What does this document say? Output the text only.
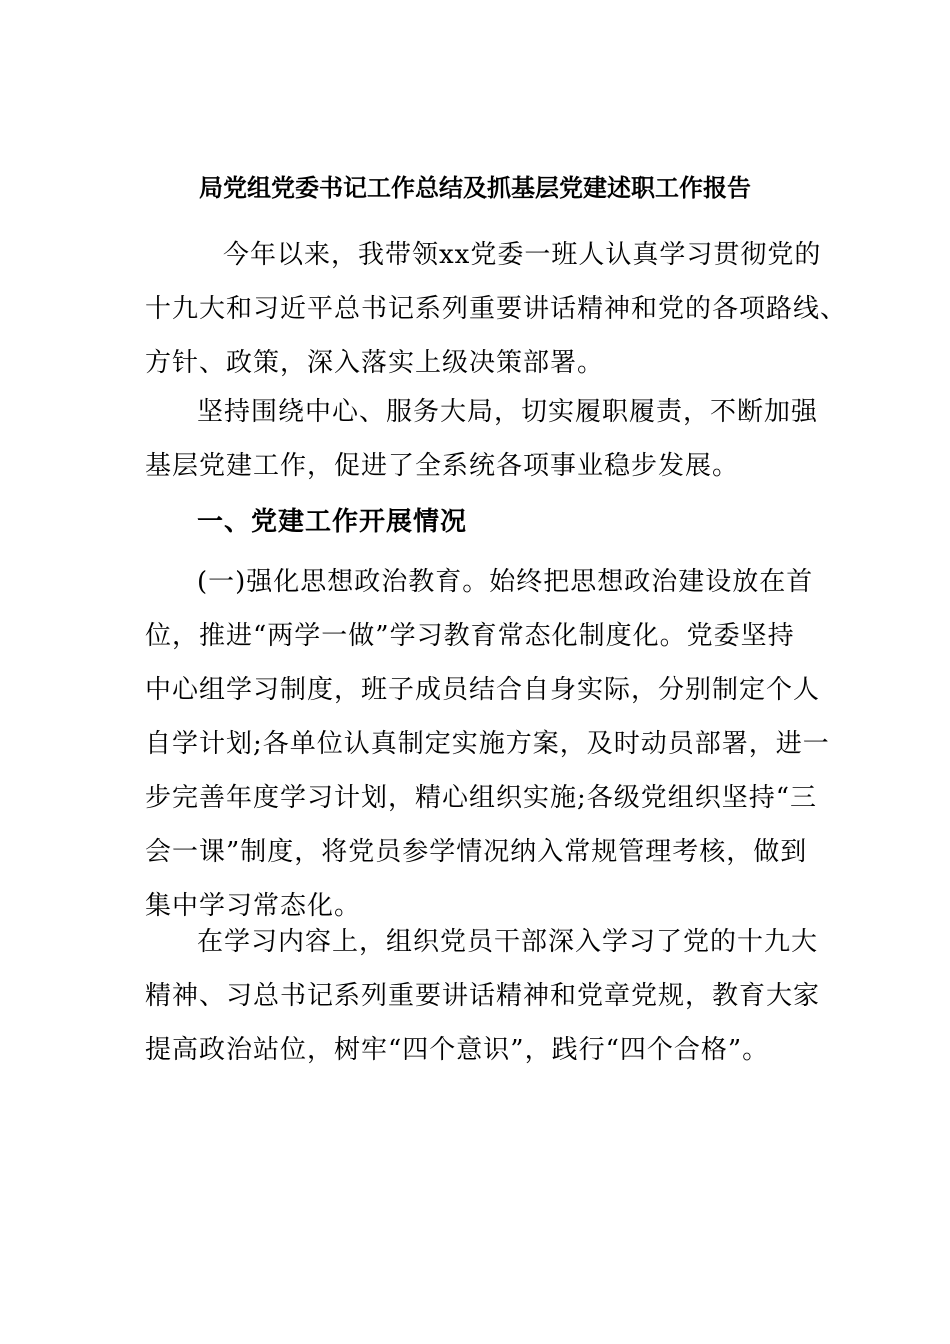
局党组党委书记工作总结及抓基层党建述职工作报告

今年以来，我带领xx党委一班人认真学习贯彻党的
十九大和习近平总书记系列重要讲话精神和党的各项路线、
方针、政策，深入落实上级决策部署。

坚持围绕中心、服务大局，切实履职履责，不断加强
基层党建工作，促进了全系统各项事业稳步发展。

一、党建工作开展情况

(一)强化思想政治教育。始终把思想政治建设放在首
位，推进“两学一做”学习教育常态化制度化。党委坚持
中心组学习制度，班子成员结合自身实际，分别制定个人
自学计划;各单位认真制定实施方案，及时动员部署，进一
步完善年度学习计划，精心组织实施;各级党组织坚持“三
会一课”制度，将党员参学情况纳入常规管理考核，做到
集中学习常态化。

在学习内容上，组织党员干部深入学习了党的十九大
精神、习总书记系列重要讲话精神和党章党规，教育大家
提高政治站位，树牢“四个意识”，践行“四个合格”。
